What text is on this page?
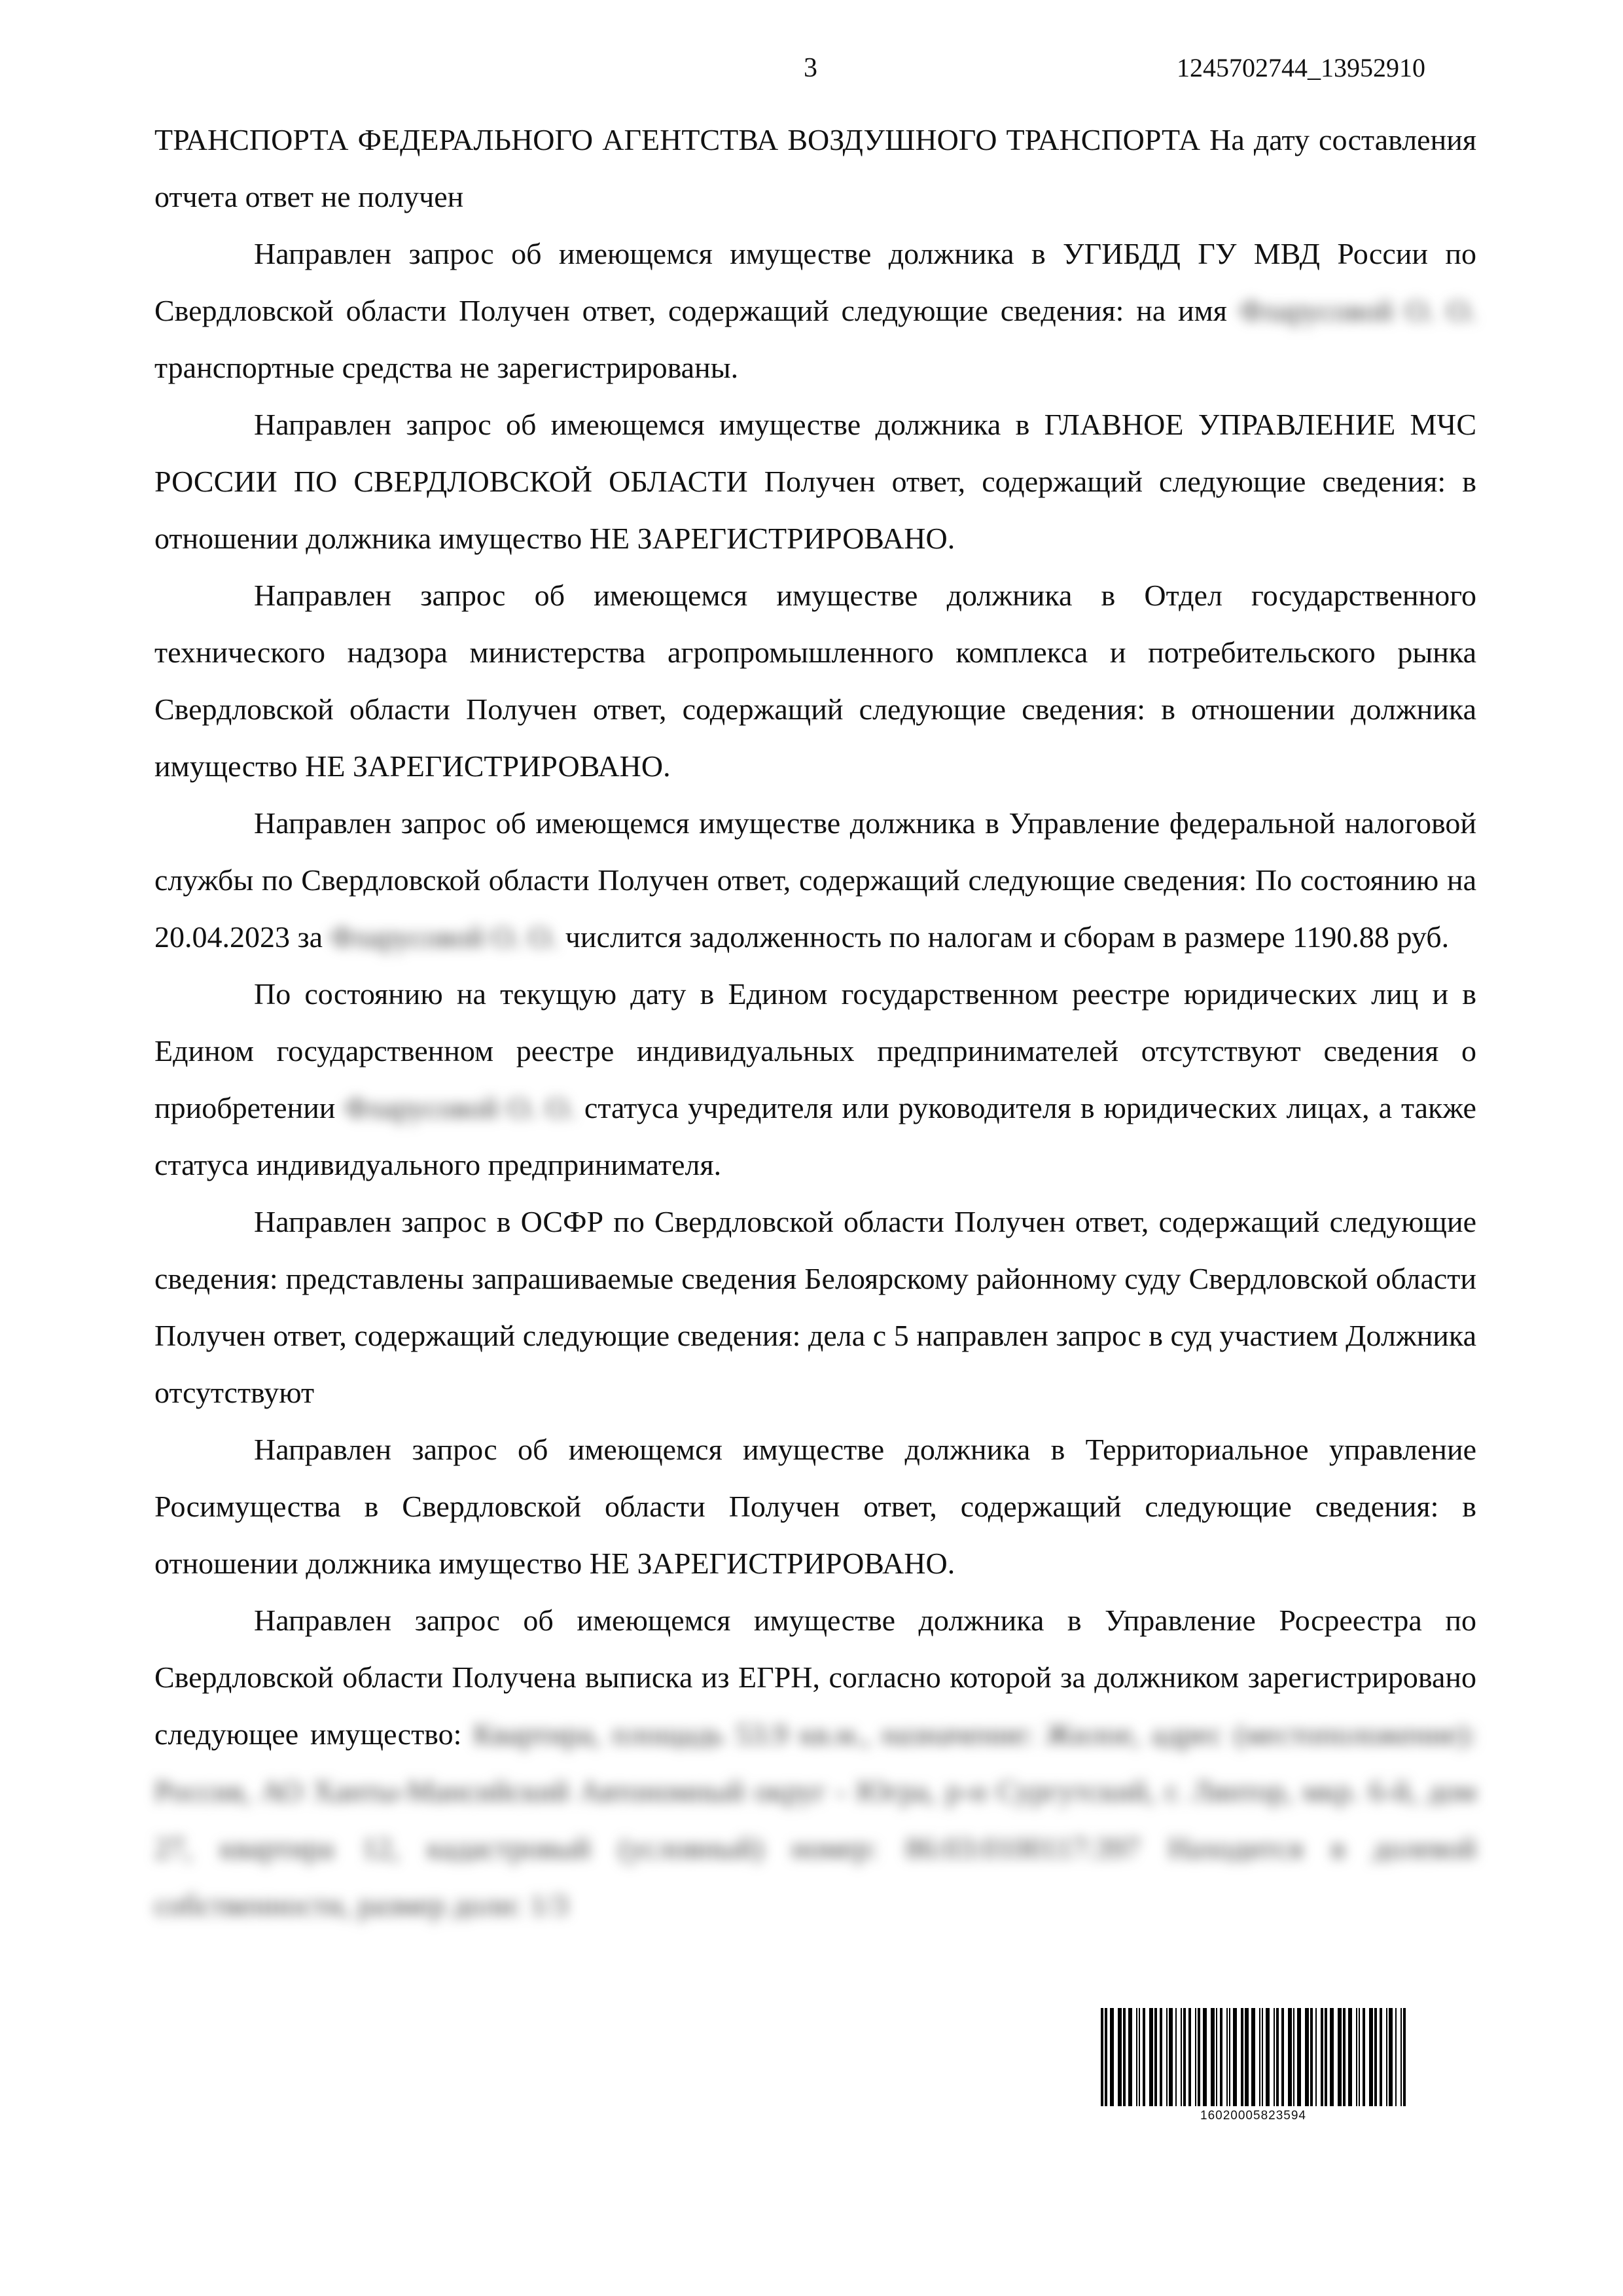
3	1245702744_13952910

ТРАНСПОРТА ФЕДЕРАЛЬНОГО АГЕНТСТВА ВОЗДУШНОГО ТРАНСПОРТА На дату составления отчета ответ не получен

Направлен запрос об имеющемся имуществе должника в УГИБДД ГУ МВД России по Свердловской области Получен ответ, содержащий следующие сведения: на имя Фларусовой О. О. транспортные средства не зарегистрированы.

Направлен запрос об имеющемся имуществе должника в ГЛАВНОЕ УПРАВЛЕНИЕ МЧС РОССИИ ПО СВЕРДЛОВСКОЙ ОБЛАСТИ Получен ответ, содержащий следующие сведения: в отношении должника имущество НЕ ЗАРЕГИСТРИРОВАНО.

Направлен запрос об имеющемся имуществе должника в Отдел государственного технического надзора министерства агропромышленного комплекса и потребительского рынка Свердловской области Получен ответ, содержащий следующие сведения: в отношении должника имущество НЕ ЗАРЕГИСТРИРОВАНО.

Направлен запрос об имеющемся имуществе должника в Управление федеральной налоговой службы по Свердловской области Получен ответ, содержащий следующие сведения: По состоянию на 20.04.2023 за Фларусовой О. О. числится задолженность по налогам и сборам в размере 1190.88 руб.

По состоянию на текущую дату в Едином государственном реестре юридических лиц и в Едином государственном реестре индивидуальных предпринимателей отсутствуют сведения о приобретении Фларусовой О. О. статуса учредителя или руководителя в юридических лицах, а также статуса индивидуального предпринимателя.

Направлен запрос в ОСФР по Свердловской области Получен ответ, содержащий следующие сведения: представлены запрашиваемые сведения Белоярскому районному суду Свердловской области Получен ответ, содержащий следующие сведения: дела с 5 направлен запрос в суд участием Должника отсутствуют

Направлен запрос об имеющемся имуществе должника в Территориальное управление Росимущества в Свердловской области Получен ответ, содержащий следующие сведения: в отношении должника имущество НЕ ЗАРЕГИСТРИРОВАНО.

Направлен запрос об имеющемся имуществе должника в Управление Росреестра по Свердловской области Получена выписка из ЕГРН, согласно которой за должником зарегистрировано следующее имущество: Квартира, площадь 53.9 кв.м., назначение: Жилое, адрес (местоположение): Россия, АО Ханты-Мансийский Автономный округ - Югра, р-н Сургутский, г. Лянтор, мкр. 6-й, дом 27, квартира 12, кадастровый (условный) номер: 86:03:0100117:397 Находится в долевой собственности, размер доли: 1/3

16020005823594
